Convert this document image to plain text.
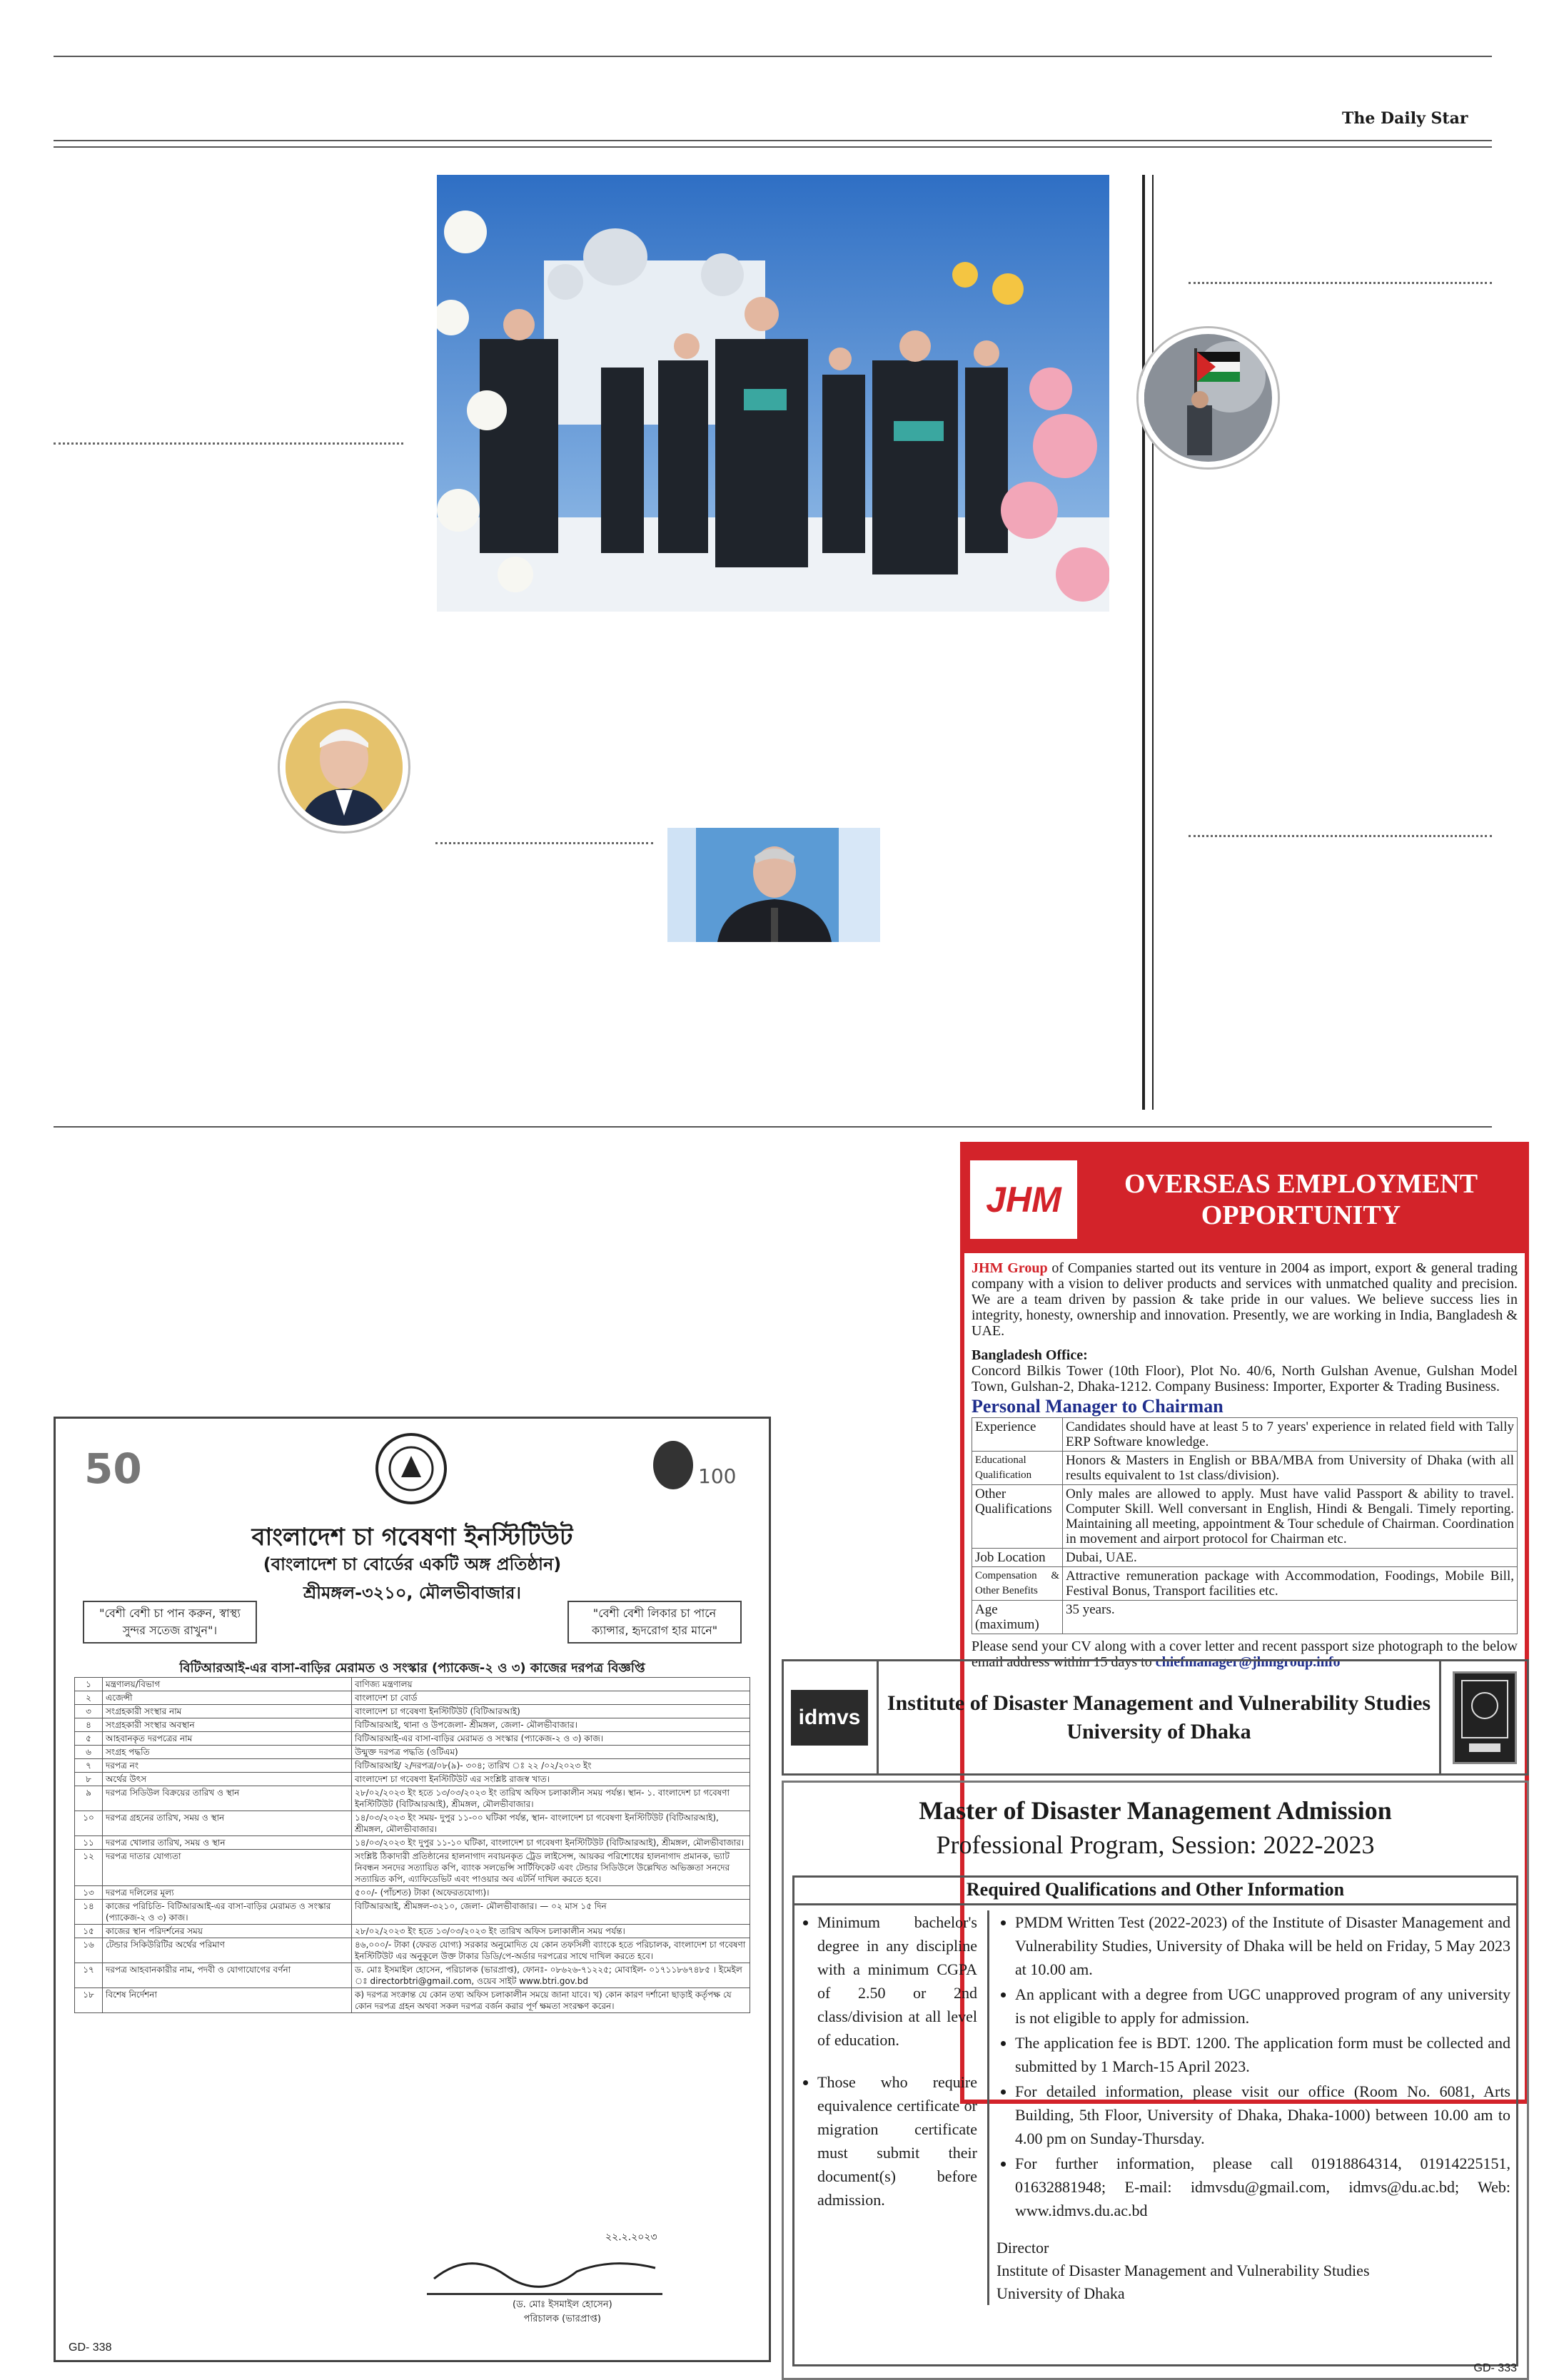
The Daily Star
JHM	OVERSEAS EMPLOYMENT
OPPORTUNITY
JHM Group of Companies started out its venture in 2004 as import, export & general trading company with a vision to deliver products and services with unmatched quality and precision. We are a team driven by passion & take pride in our values. We believe success lies in integrity, honesty, ownership and innovation. Presently, we are working in India, Bangladesh & UAE.
Bangladesh Office:
Concord Bilkis Tower (10th Floor), Plot No. 40/6, North Gulshan Avenue, Gulshan Model Town, Gulshan-2, Dhaka-1212. Company Business: Importer, Exporter & Trading Business.
Personal Manager to Chairman
Experience	Candidates should have at least 5 to 7 years' experience in related field with Tally ERP Software knowledge.
Educational Qualification	Honors & Masters in English or BBA/MBA from University of Dhaka (with all results equivalent to 1st class/division).
Other Qualifications	Only males are allowed to apply. Must have valid Passport & ability to travel. Computer Skill. Well conversant in English, Hindi & Bengali. Timely reporting. Maintaining all meeting, appointment & Tour schedule of Chairman. Coordination in movement and airport protocol for Chairman etc.
Job Location	Dubai, UAE.
Compensation & Other Benefits	Attractive remuneration package with Accommodation, Foodings, Mobile Bill, Festival Bonus, Transport facilities etc.
Age (maximum)	35 years.
Please send your CV along with a cover letter and recent passport size photograph to the below email address within 15 days to chiefmanager@jhmgroup.info
idmvs
Institute of Disaster Management and Vulnerability Studies
University of Dhaka
Master of Disaster Management Admission
Professional Program, Session: 2022-2023
Required Qualifications and Other Information
• Minimum bachelor's degree in any discipline with a minimum CGPA of 2.50 or 2nd class/division at all level of education.
• Those who require equivalence certificate or migration certificate must submit their document(s) before admission.
• PMDM Written Test (2022-2023) of the Institute of Disaster Management and Vulnerability Studies, University of Dhaka will be held on Friday, 5 May 2023 at 10.00 am.
• An applicant with a degree from UGC unapproved program of any university is not eligible to apply for admission.
• The application fee is BDT. 1200. The application form must be collected and submitted by 1 March-15 April 2023.
• For detailed information, please visit our office (Room No. 6081, Arts Building, 5th Floor, University of Dhaka, Dhaka-1000) between 10.00 am to 4.00 pm on Sunday-Thursday.
• For further information, please call 01918864314, 01914225151, 01632881948; E-mail: idmvsdu@gmail.com, idmvs@du.ac.bd; Web: www.idmvs.du.ac.bd
Director
Institute of Disaster Management and Vulnerability Studies
University of Dhaka
GD- 333
50	100
বাংলাদেশ চা গবেষণা ইনস্টিটিউট
(বাংলাদেশ চা বোর্ডের একটি অঙ্গ প্রতিষ্ঠান)
শ্রীমঙ্গল-৩২১০, মৌলভীবাজার।
"বেশী বেশী চা পান করুন, স্বাস্থ্য সুন্দর সতেজ রাখুন"।
"বেশী বেশী লিকার চা পানে ক্যান্সার, হৃদরোগ হার মানে"
বিটিআরআই-এর বাসা-বাড়ির মেরামত ও সংস্কার (প্যাকেজ-২ ও ৩) কাজের দরপত্র বিজ্ঞপ্তি
১	মন্ত্রণালয়/বিভাগ	বাণিজ্য মন্ত্রণালয়
২	এজেন্সী	বাংলাদেশ চা বোর্ড
৩	সংগ্রহকারী সংস্থার নাম	বাংলাদেশ চা গবেষণা ইনস্টিটিউট (বিটিআরআই)
৪	সংগ্রহকারী সংস্থার অবস্থান	বিটিআরআই, থানা ও উপজেলা- শ্রীমঙ্গল, জেলা- মৌলভীবাজার।
৫	আহবানকৃত দরপত্রের নাম	বিটিআরআই-এর বাসা-বাড়ির মেরামত ও সংস্কার (প্যাকেজ-২ ও ৩) কাজ।
৬	সংগ্রহ পদ্ধতি	উন্মুক্ত দরপত্র পদ্ধতি (ওটিএম)
৭	দরপত্র নং	বিটিআরআই/ ২/দরপত্র/০৮(৯)- ৩০৪; তারিখ ঃ ২২ /০২/২০২৩ ইং
৮	অর্থের উৎস	বাংলাদেশ চা গবেষণা ইনস্টিটিউট এর সংশ্লিষ্ট রাজস্ব খাত।
৯	দরপত্র সিডিউল বিক্রয়ের তারিখ ও স্থান	২৮/০২/২০২৩ ইং হতে ১৩/০৩/২০২৩ ইং তারিখ অফিস চলাকালীন সময় পর্যন্ত। স্থান- ১. বাংলাদেশ চা গবেষণা ইনস্টিটিউট (বিটিআরআই), শ্রীমঙ্গল, মৌলভীবাজার।
১০	দরপত্র গ্রহনের তারিখ, সময় ও স্থান	১৪/০৩/২০২৩ ইং সময়- দুপুর ১১-০০ ঘটিকা পর্যন্ত, স্থান- বাংলাদেশ চা গবেষণা ইনস্টিটিউট (বিটিআরআই), শ্রীমঙ্গল, মৌলভীবাজার।
১১	দরপত্র খোলার তারিখ, সময় ও স্থান	১৪/০৩/২০২৩ ইং দুপুর ১১-১০ ঘটিকা, বাংলাদেশ চা গবেষণা ইনস্টিটিউট (বিটিআরআই), শ্রীমঙ্গল, মৌলভীবাজার।
১২	দরপত্র দাতার যোগ্যতা	সংশ্লিষ্ট ঠিকাদারী প্রতিষ্ঠানের হালনাগাদ নবায়নকৃত ট্রেড লাইসেন্স, আয়কর পরিশোধের হালনাগাদ প্রমানক, ভ্যাট নিবন্ধন সনদের সত্যায়িত কপি, ব্যাংক সলভেন্সি সার্টিফিকেট এবং টেন্ডার সিডিউলে উল্লেখিত অভিজ্ঞতা সনদের সত্যায়িত কপি, এ্যাফিডেভিট এবং পাওয়ার অব এটর্নি দাখিল করতে হবে।
১৩	দরপত্র দলিলের মূল্য	৫০০/- (পাঁচশত) টাকা (অফেরতযোগ্য)।
১৪	কাজের পরিচিতি- বিটিআরআই-এর বাসা-বাড়ির মেরামত ও সংস্কার (প্যাকেজ-২ ও ৩) কাজ।	বিটিআরআই, শ্রীমঙ্গল-৩২১০, জেলা- মৌলভীবাজার। — ০২ মাস ১৫ দিন
১৫	কাজের স্থান পরিদর্শনের সময়	২৮/০২/২০২৩ ইং হতে ১৩/০৩/২০২৩ ইং তারিখ অফিস চলাকালীন সময় পর্যন্ত।
১৬	টেন্ডার সিকিউরিটির অর্থের পরিমাণ	৪৬,০০০/- টাকা (ফেরত যোগ্য) সরকার অনুমোদিত যে কোন তফসিলী ব্যাংকে হতে পরিচালক, বাংলাদেশ চা গবেষণা ইনস্টিটিউট এর অনুকূলে উক্ত টাকার ডিডি/পে-অর্ডার দরপত্রের সাথে দাখিল করতে হবে।
১৭	দরপত্র আহবানকারীর নাম, পদবী ও যোগাযোগের বর্ণনা	ড. মোঃ ইসমাইল হোসেন, পরিচালক (ভারপ্রাপ্ত), ফোনঃ- ০৮৬২৬-৭১২২৫; মোবাইল- ০১৭১১৮৬৭৪৮৫ । ইমেইল ঃ directorbtri@gmail.com, ওয়েব সাইট www.btri.gov.bd
১৮	বিশেষ নির্দেশনা	ক) দরপত্র সংক্রান্ত যে কোন তথ্য অফিস চলাকালীন সময়ে জানা যাবে। খ) কোন কারণ দর্শানো ছাড়াই কর্তৃপক্ষ যে কোন দরপত্র গ্রহন অথবা সকল দরপত্র বর্জন করার পূর্ণ ক্ষমতা সংরক্ষণ করেন।
২২.২.২০২৩
(ড. মোঃ ইসমাইল হোসেন)
পরিচালক (ভারপ্রাপ্ত)
GD- 338
